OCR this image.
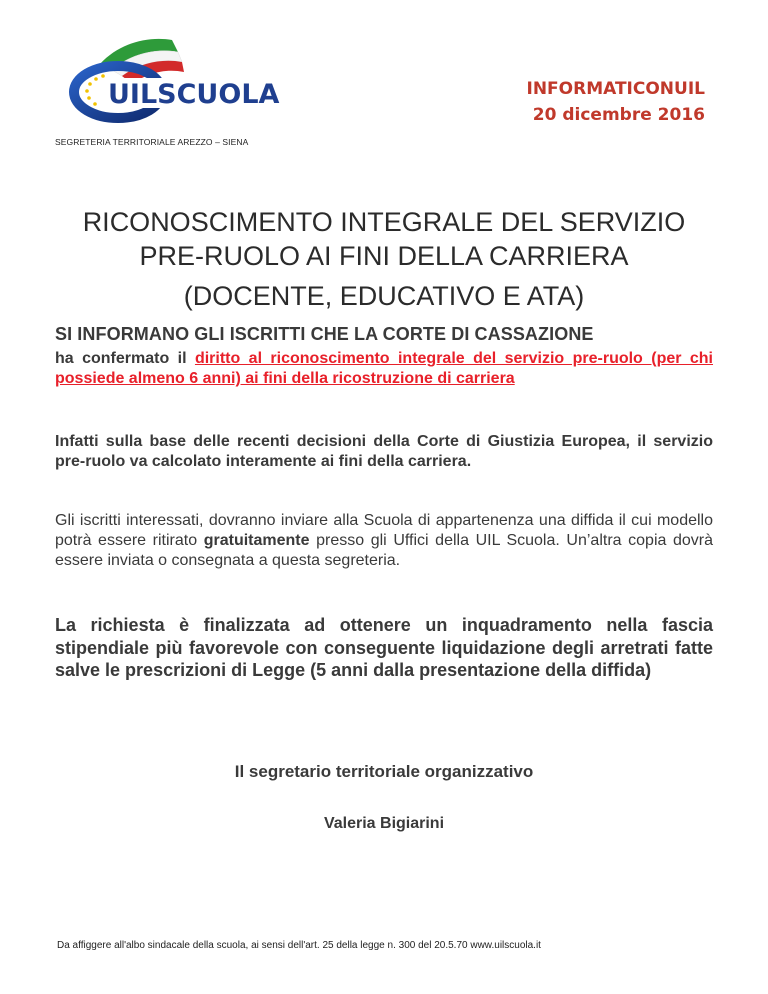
UILSCUOLA
SEGRETERIA TERRITORIALE AREZZO – SIENA
INFORMATICONUIL
20 dicembre 2016
RICONOSCIMENTO INTEGRALE DEL SERVIZIO
PRE-RUOLO AI FINI DELLA CARRIERA
(DOCENTE, EDUCATIVO E ATA)
SI INFORMANO GLI ISCRITTI CHE LA CORTE DI CASSAZIONE
ha confermato il diritto al riconoscimento integrale del servizio pre-ruolo (per chi possiede almeno 6 anni) ai fini della ricostruzione di carriera
Infatti sulla base delle recenti decisioni della Corte di Giustizia Europea, il servizio pre-ruolo va calcolato interamente ai fini della carriera.
Gli iscritti interessati, dovranno inviare alla Scuola di appartenenza una diffida il cui modello potrà essere ritirato gratuitamente presso gli Uffici della UIL Scuola. Un’altra copia dovrà essere inviata o consegnata a questa segreteria.
La richiesta è finalizzata ad ottenere un inquadramento nella fascia stipendiale più favorevole con conseguente liquidazione degli arretrati fatte salve le prescrizioni di Legge (5 anni dalla presentazione della diffida)
Il segretario territoriale organizzativo
Valeria Bigiarini
Da affiggere all'albo sindacale della scuola, ai sensi dell'art. 25 della legge n. 300 del 20.5.70 www.uilscuola.it
